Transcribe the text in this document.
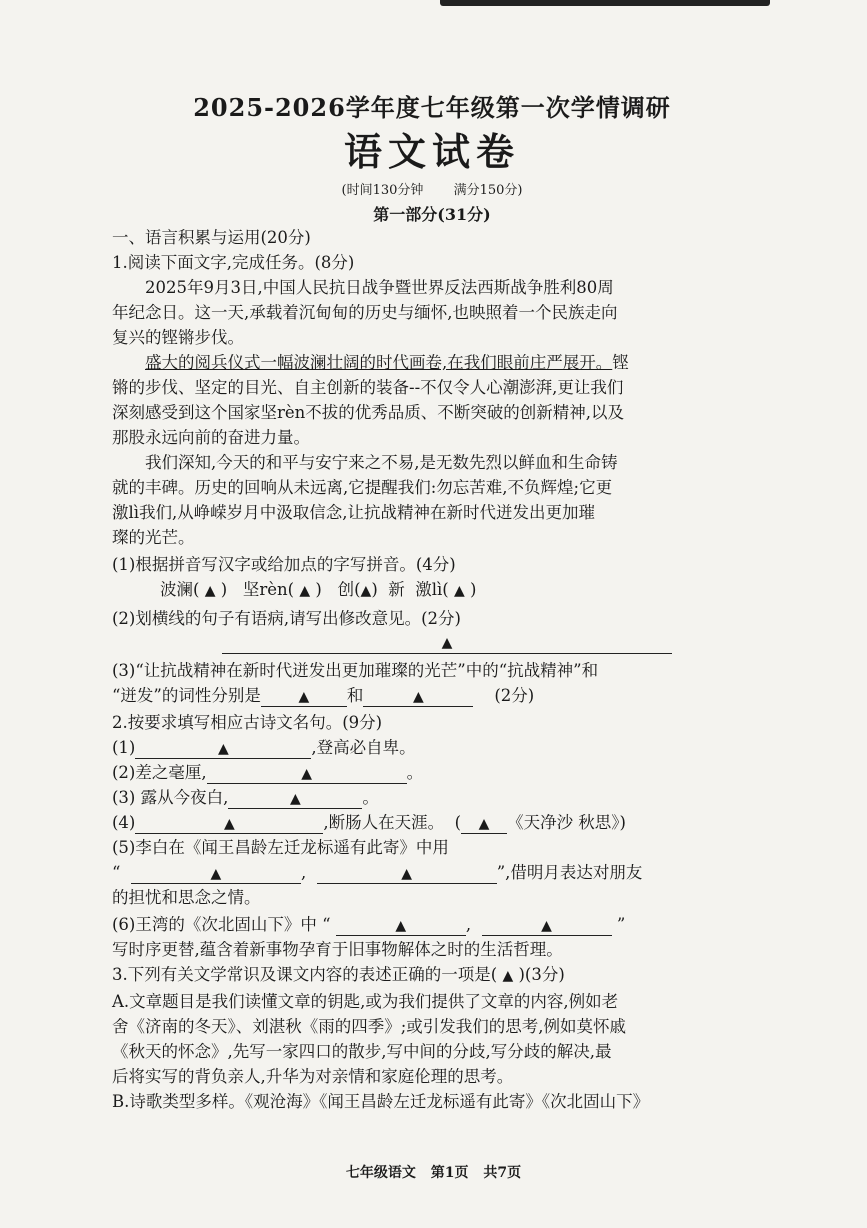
2025-2026学年度七年级第一次学情调研
语文试卷
(时间130分钟 满分150分)
第一部分(31分)
一、语言积累与运用(20分)
1.阅读下面文字,完成任务。(8分)
2025年9月3日,中国人民抗日战争暨世界反法西斯战争胜利80周
年纪念日。这一天,承载着沉甸甸的历史与缅怀,也映照着一个民族走向
复兴的铿锵步伐。
盛大的阅兵仪式一幅波澜壮阔的时代画卷,在我们眼前庄严展开。铿
锵的步伐、坚定的目光、自主创新的装备--不仅令人心潮澎湃,更让我们
深刻感受到这个国家坚rèn不拔的优秀品质、不断突破的创新精神,以及
那股永远向前的奋进力量。
我们深知,今天的和平与安宁来之不易,是无数先烈以鲜血和生命铸
就的丰碑。历史的回响从未远离,它提醒我们:勿忘苦难,不负辉煌;它更
激lì我们,从峥嵘岁月中汲取信念,让抗战精神在新时代迸发出更加璀
璨的光芒。
(1)根据拼音写汉字或给加点的字写拼音。(4分)
波澜( ▲ ) 坚rèn( ▲ ) 创(▲) 新 激lì( ▲ )
(2)划横线的句子有语病,请写出修改意见。(2分)
▲
(3)“让抗战精神在新时代迸发出更加璀璨的光芒”中的“抗战精神”和
“迸发”的词性分别是	▲ 和	▲	(2分)
2.按要求填写相应古诗文名句。(9分)
(1)	▲	,登高必自卑。
(2)差之毫厘,	▲	。
(3) 露从今夜白,	▲	。
(4)	▲	,断肠人在天涯。 ( ▲ 《天净沙 秋思》)
(5)李白在《闻王昌龄左迁龙标遥有此寄》中用
“	▲	,	▲	”,借明月表达对朋友
的担忧和思念之情。
(6)王湾的《次北固山下》中 “	▲	,	▲	”
写时序更替,蕴含着新事物孕育于旧事物解体之时的生活哲理。
3.下列有关文学常识及课文内容的表述正确的一项是( ▲ )(3分)
A.文章题目是我们读懂文章的钥匙,或为我们提供了文章的内容,例如老
舍《济南的冬天》、刘湛秋《雨的四季》;或引发我们的思考,例如莫怀戚
《秋天的怀念》,先写一家四口的散步,写中间的分歧,写分歧的解决,最
后将实写的背负亲人,升华为对亲情和家庭伦理的思考。
B.诗歌类型多样。《观沧海》《闻王昌龄左迁龙标遥有此寄》《次北固山下》
七年级语文 第1页 共7页
